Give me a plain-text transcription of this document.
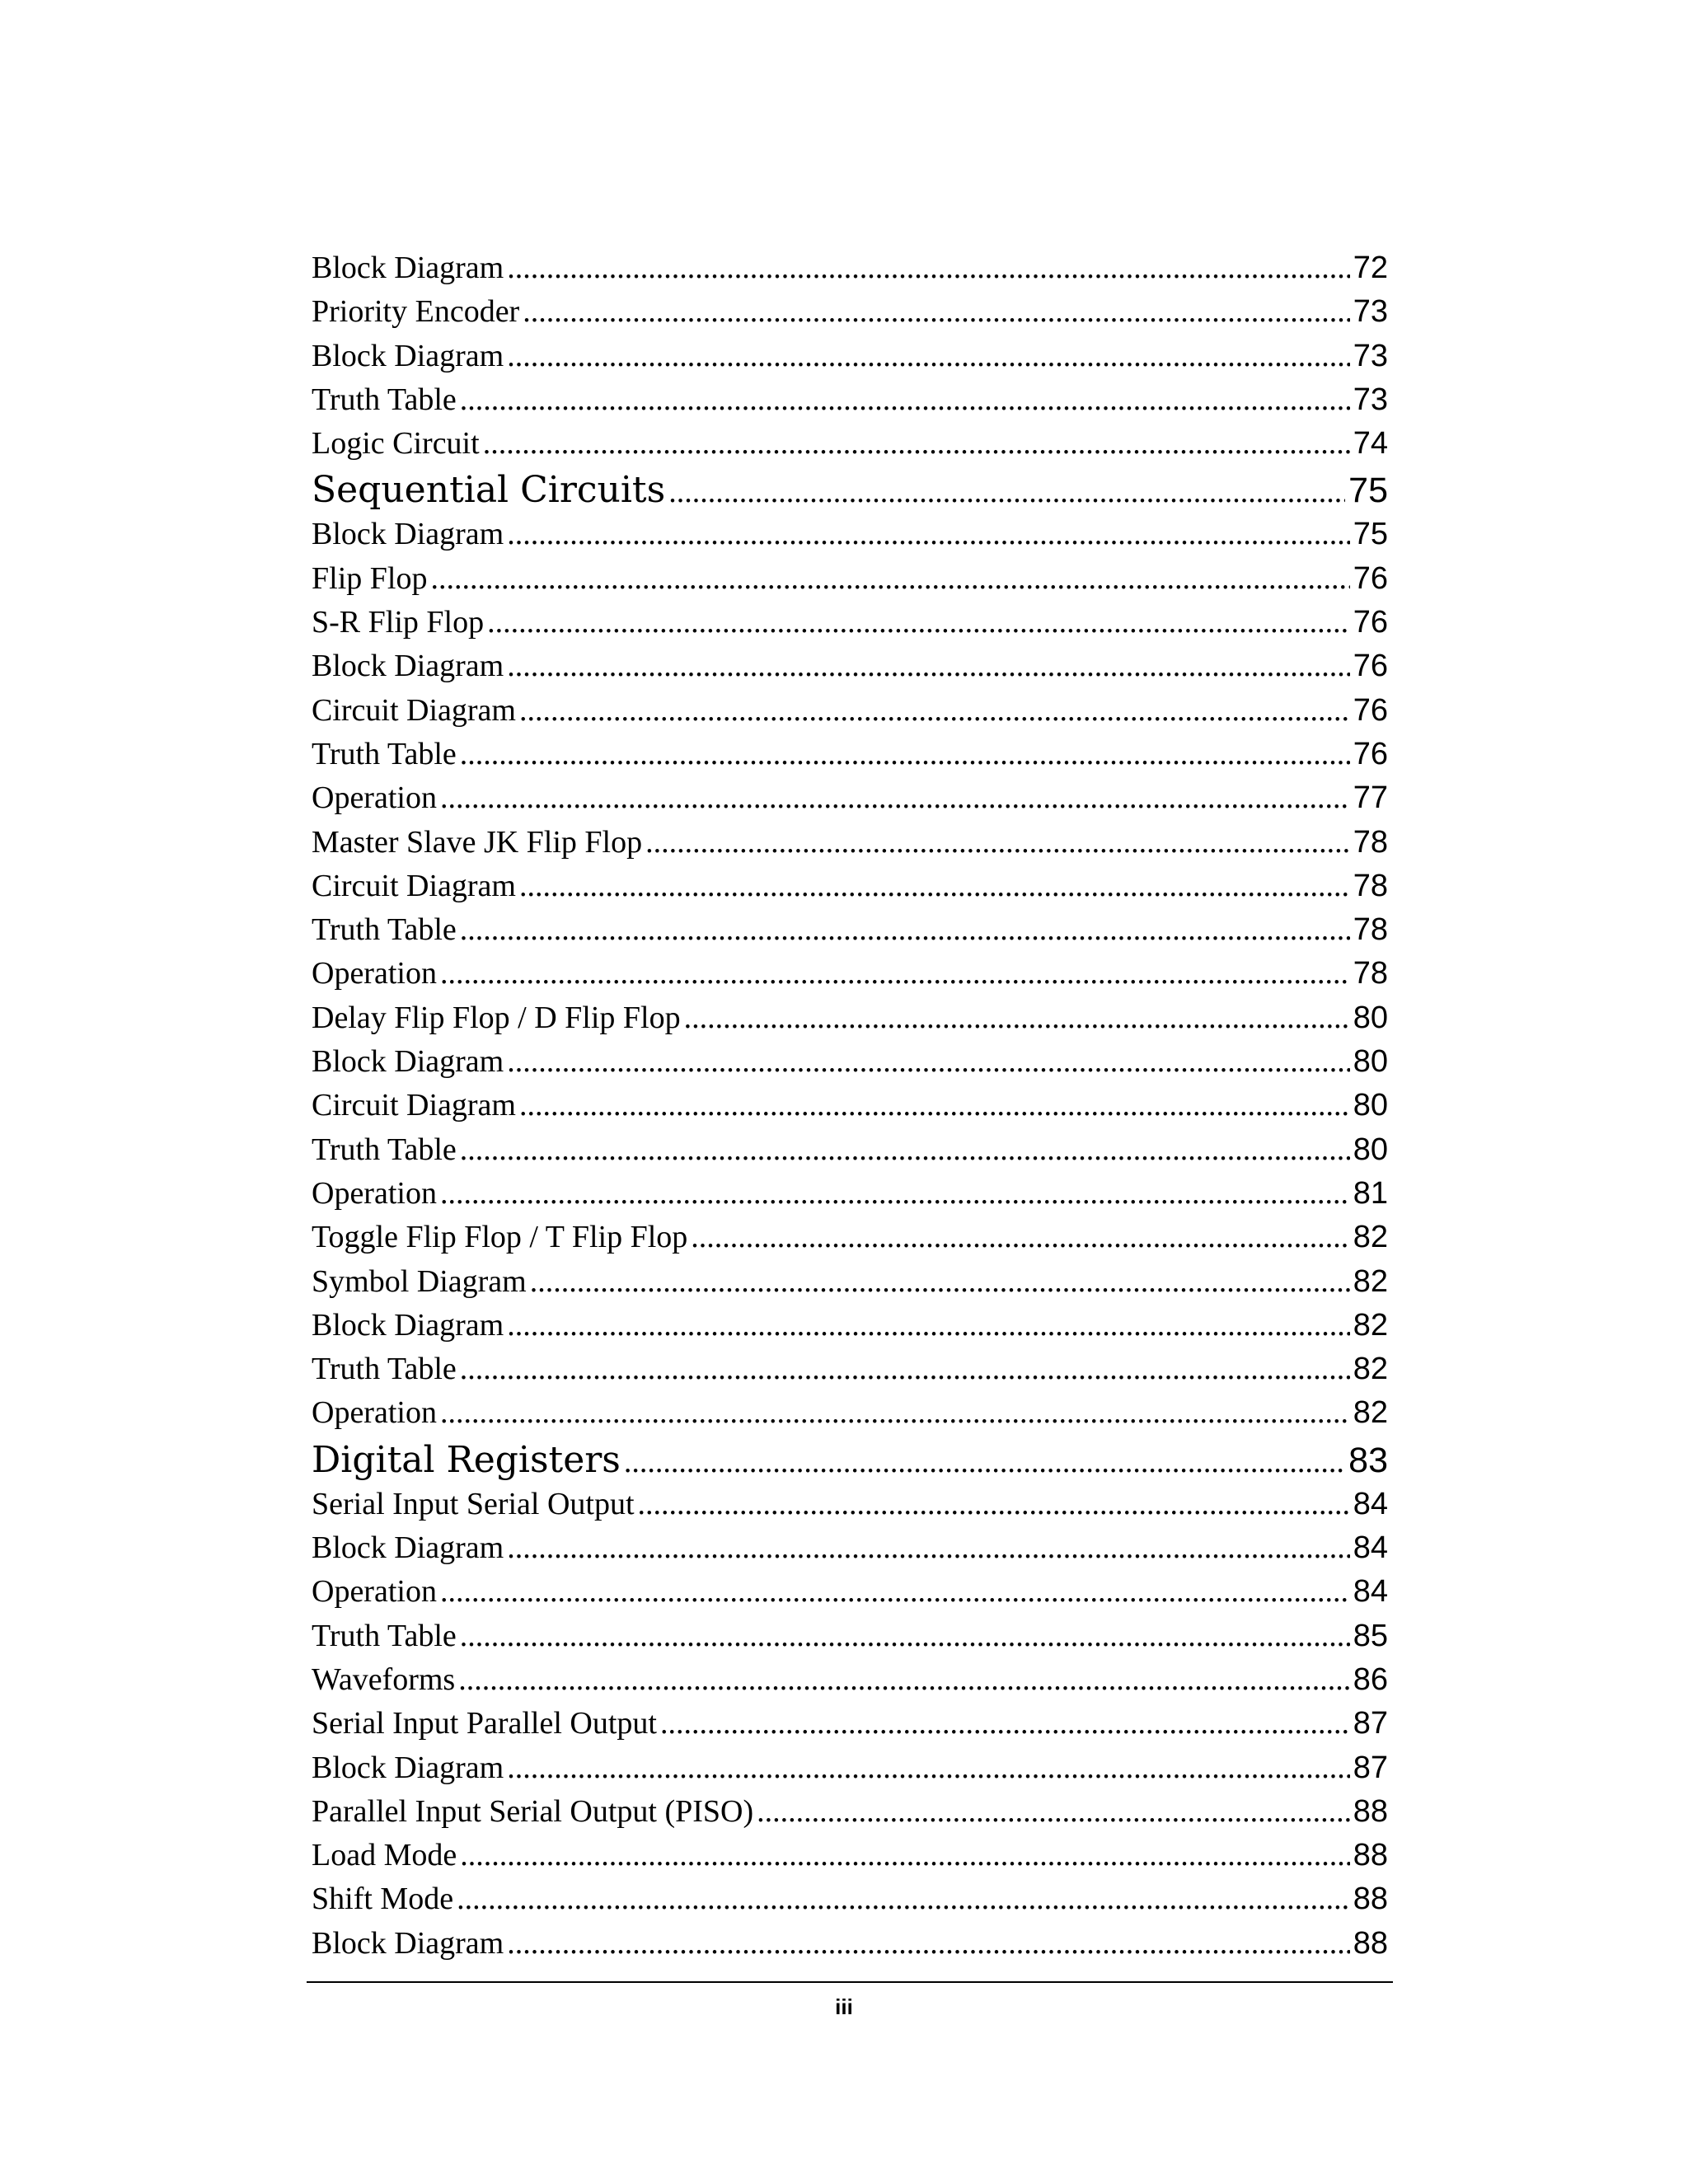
Block Diagram .....	72
Priority Encoder .....	73
Block Diagram .....	73
Truth Table .....	73
Logic Circuit .....	74
Sequential Circuits .....	75
Block Diagram .....	75
Flip Flop .....	76
S-R Flip Flop .....	76
Block Diagram .....	76
Circuit Diagram .....	76
Truth Table .....	76
Operation .....	77
Master Slave JK Flip Flop .....	78
Circuit Diagram .....	78
Truth Table .....	78
Operation .....	78
Delay Flip Flop / D Flip Flop .....	80
Block Diagram .....	80
Circuit Diagram .....	80
Truth Table .....	80
Operation .....	81
Toggle Flip Flop / T Flip Flop .....	82
Symbol Diagram .....	82
Block Diagram .....	82
Truth Table .....	82
Operation .....	82
Digital Registers .....	83
Serial Input Serial Output .....	84
Block Diagram .....	84
Operation .....	84
Truth Table .....	85
Waveforms .....	86
Serial Input Parallel Output .....	87
Block Diagram .....	87
Parallel Input Serial Output (PISO) .....	88
Load Mode .....	88
Shift Mode .....	88
Block Diagram .....	88
iii
